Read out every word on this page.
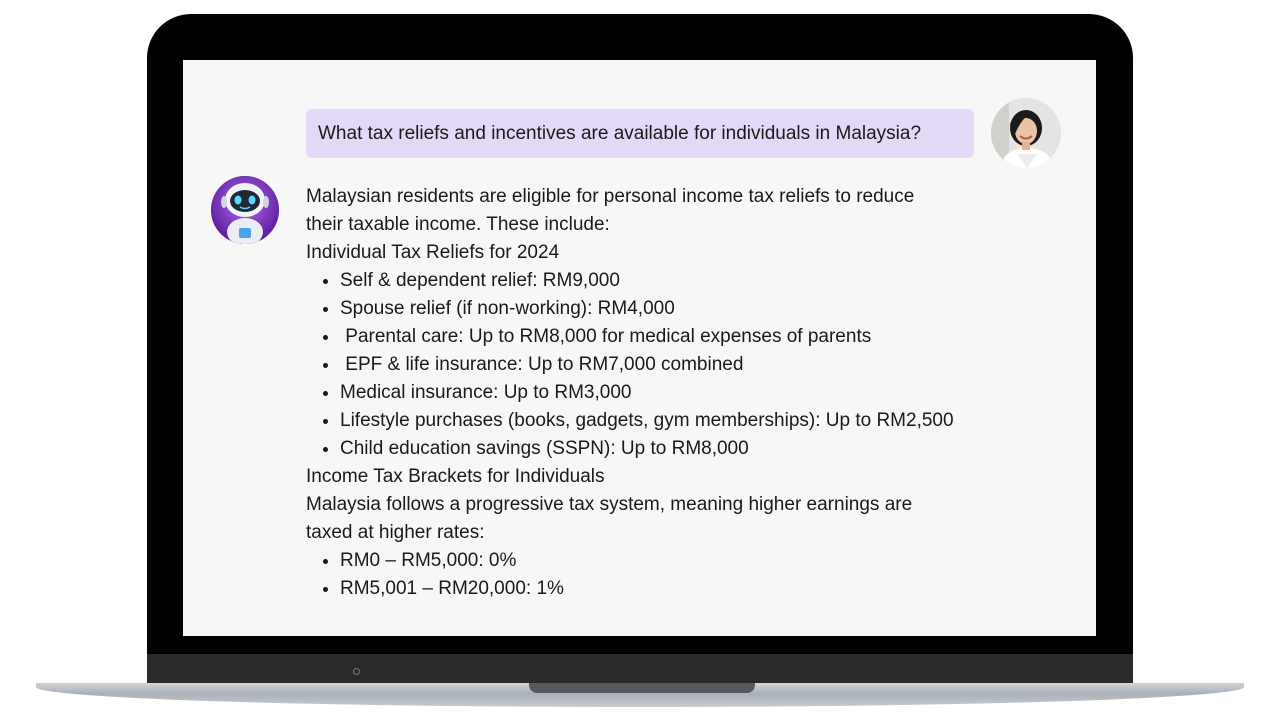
What tax reliefs and incentives are available for individuals in Malaysia?

Malaysian residents are eligible for personal income tax reliefs to reduce their taxable income. These include:

Individual Tax Reliefs for 2024

• Self & dependent relief: RM9,000
• Spouse relief (if non-working): RM4,000
•  Parental care: Up to RM8,000 for medical expenses of parents
•  EPF & life insurance: Up to RM7,000 combined
• Medical insurance: Up to RM3,000
• Lifestyle purchases (books, gadgets, gym memberships): Up to RM2,500
• Child education savings (SSPN): Up to RM8,000

Income Tax Brackets for Individuals

Malaysia follows a progressive tax system, meaning higher earnings are taxed at higher rates:

• RM0 – RM5,000: 0%
• RM5,001 – RM20,000: 1%
